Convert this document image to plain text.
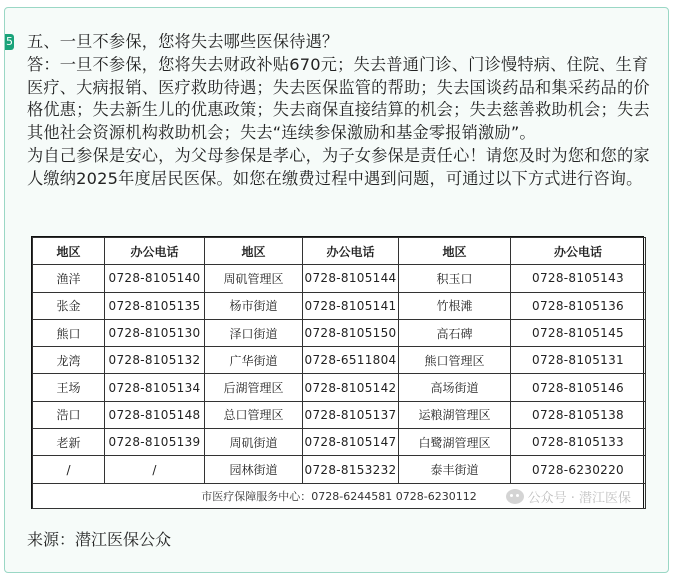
5 五、一旦不参保，您将失去哪些医保待遇？

答：一旦不参保，您将失去财政补贴670元；失去普通门诊、门诊慢特病、住院、生育医疗、大病报销、医疗救助待遇；失去医保监管的帮助；失去国谈药品和集采药品的价格优惠；失去新生儿的优惠政策；失去商保直接结算的机会；失去慈善救助机会；失去其他社会资源机构救助机会；失去“连续参保激励和基金零报销激励”。

为自己参保是安心，为父母参保是孝心，为子女参保是责任心！请您及时为您和您的家人缴纳2025年度居民医保。如您在缴费过程中遇到问题，可通过以下方式进行咨询。

地区	办公电话	地区	办公电话	地区	办公电话
渔洋	0728-8105140	周矶管理区	0728-8105144	积玉口	0728-8105143
张金	0728-8105135	杨市街道	0728-8105141	竹根滩	0728-8105136
熊口	0728-8105130	泽口街道	0728-8105150	高石碑	0728-8105145
龙湾	0728-8105132	广华街道	0728-6511804	熊口管理区	0728-8105131
王场	0728-8105134	后湖管理区	0728-8105142	高场街道	0728-8105146
浩口	0728-8105148	总口管理区	0728-8105137	运粮湖管理区	0728-8105138
老新	0728-8105139	周矶街道	0728-8105147	白鹭湖管理区	0728-8105133
/	/	园林街道	0728-8153232	泰丰街道	0728-6230220
市医疗保障服务中心：0728-6244581 0728-6230112 公众号 · 潜江医保					
来源：潜江医保公众
